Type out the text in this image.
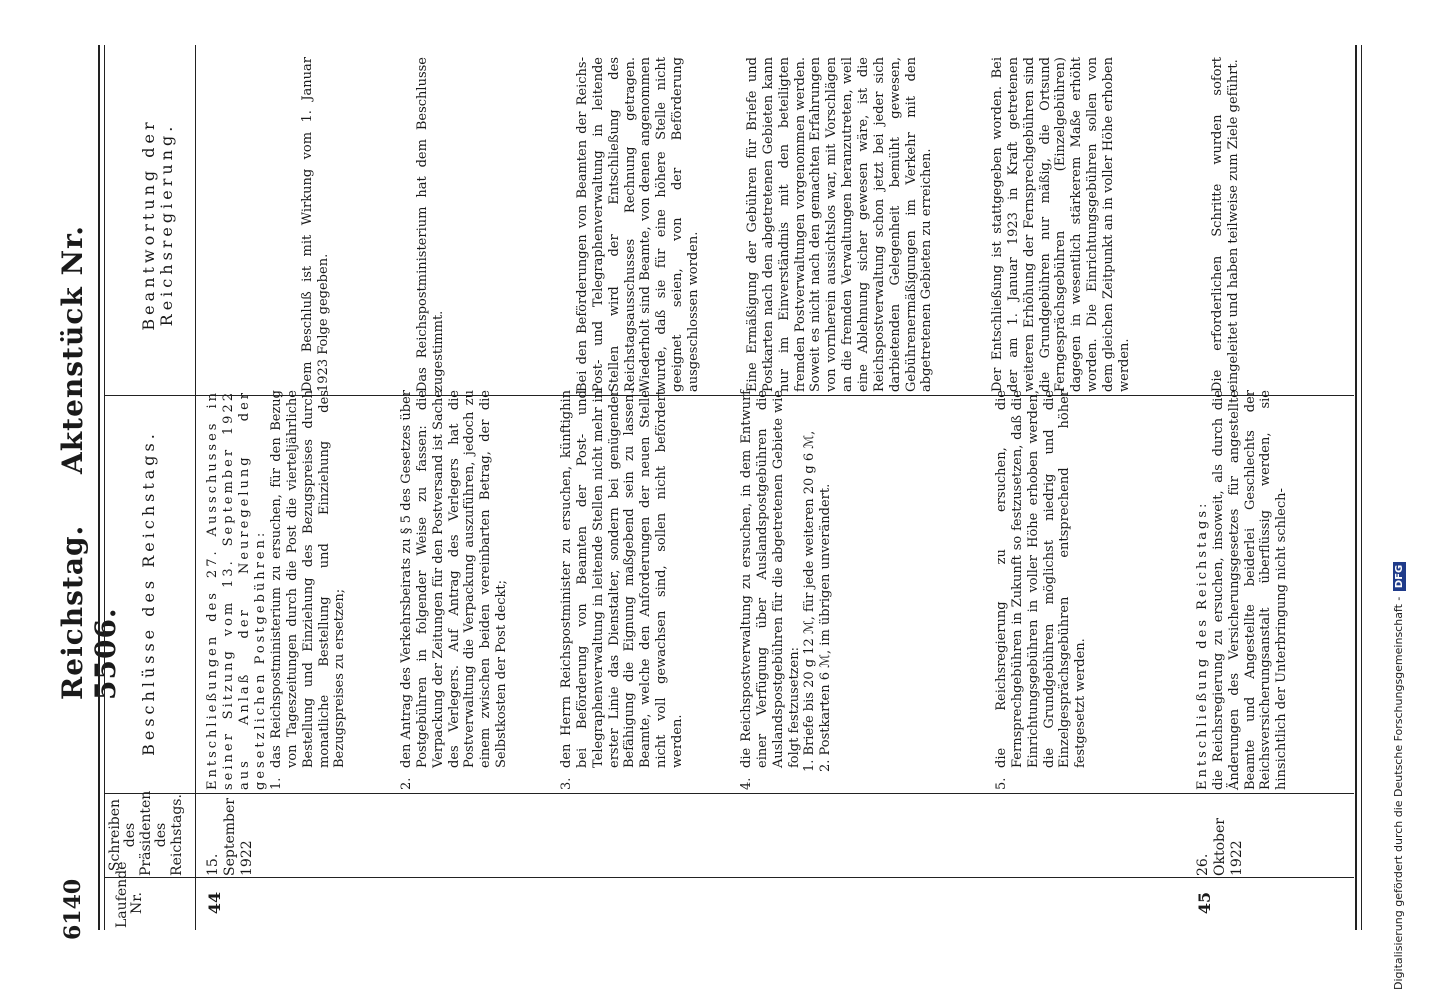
6140
Reichstag. Aktenstück Nr. 5506.
Laufende Nr.
Schreiben des Präsidenten des Reichstags.
Beschlüsse des Reichstags.
Beantwortung der Reichsregierung.
44
15. September 1922
Entschließungen des 27. Ausschusses in seiner Sitzung vom 13. September 1922 aus Anlaß der Neuregelung der gesetzlichen Postgebühren: 1.
das Reichspostministerium zu ersuchen, für den Bezug von Tageszeitungen durch die Post die vierteljährliche Bestellung und Einziehung des Bezugspreises durch monatliche Bestellung und Einziehung des Bezugspreises zu ersetzen;
Dem Beschluß ist mit Wirkung vom 1. Januar 1923 Folge gegeben.
2.
den Antrag des Verkehrsbeirats zu § 5 des Gesetzes über Postgebühren in folgender Weise zu fassen: die Verpackung der Zeitungen für den Postversand ist Sache des Verlegers. Auf Antrag des Verlegers hat die Postverwaltung die Verpackung auszuführen, jedoch zu einem zwischen beiden vereinbarten Betrag, der die Selbstkosten der Post deckt;
Das Reichspostministerium hat dem Beschlusse zugestimmt.
3.
den Herrn Reichspostminister zu ersuchen, künftighin bei Beförderung von Beamten der Post- und Telegraphenverwaltung in leitende Stellen nicht mehr in erster Linie das Dienstalter, sondern bei genügender Befähigung die Eignung maßgebend sein zu lassen. Beamte, welche den Anforderungen der neuen Stelle nicht voll gewachsen sind, sollen nicht befördert werden.
Bei den Beförderungen von Beamten der Reichs-Post- und Telegraphenverwaltung in leitende Stellen wird der Entschließung des Reichstagsausschusses Rechnung getragen. Wiederholt sind Beamte, von denen angenommen wurde, daß sie für eine höhere Stelle nicht geeignet seien, von der Beförderung ausgeschlossen worden.
4.
die Reichspostverwaltung zu ersuchen, in dem Entwurf einer Verfügung über Auslandspostgebühren die Auslandspostgebühren für die abgetretenen Gebiete wie folgt festzusetzen: 1. Briefe bis 20 g 12 ℳ, für jede weiteren 20 g 6 ℳ, 2. Postkarten 6 ℳ, im übrigen unverändert.
Eine Ermäßigung der Gebühren für Briefe und Postkarten nach den abgetretenen Gebieten kann nur im Einverständnis mit den beteiligten fremden Postverwaltungen vorgenommen werden. Soweit es nicht nach den gemachten Erfahrungen von vornherein aussichtslos war, mit Vorschlägen an die fremden Verwaltungen heranzutreten, weil eine Ablehnung sicher gewesen wäre, ist die Reichspostverwaltung schon jetzt bei jeder sich darbietenden Gelegenheit bemüht gewesen, Gebührenermäßigungen im Verkehr mit den abgetretenen Gebieten zu erreichen.
5.
die Reichsregierung zu ersuchen, die Fernsprechgebühren in Zukunft so festzusetzen, daß die Einrichtungsgebühren in voller Höhe erhoben werden, die Grundgebühren möglichst niedrig und die Einzelgesprächsgebühren entsprechend höher festgesetzt werden.
Der Entschließung ist stattgegeben worden. Bei der am 1. Januar 1923 in Kraft getretenen weiteren Erhöhung der Fernsprechgebühren sind die Grundgebühren nur mäßig, die Ortsund Ferngesprächsgebühren (Einzelgebühren) dagegen in wesentlich stärkerem Maße erhöht worden. Die Einrichtungsgebühren sollen von dem gleichen Zeitpunkt an in voller Höhe erhoben werden.
45
26. Oktober 1922
Entschließung des Reichstags: die Reichsregierung zu ersuchen, insoweit, als durch die Änderungen des Versicherungsgesetzes für angestellte Beamte und Angestellte beiderlei Geschlechts der Reichsversicherungsanstalt überflüssig werden, sie hinsichtlich der Unterbringung nicht schlech-
Die erforderlichen Schritte wurden sofort eingeleitet und haben teilweise zum Ziele geführt.
Digitalisierung gefördert durch die Deutsche Forschungsgemeinschaft - DFG
